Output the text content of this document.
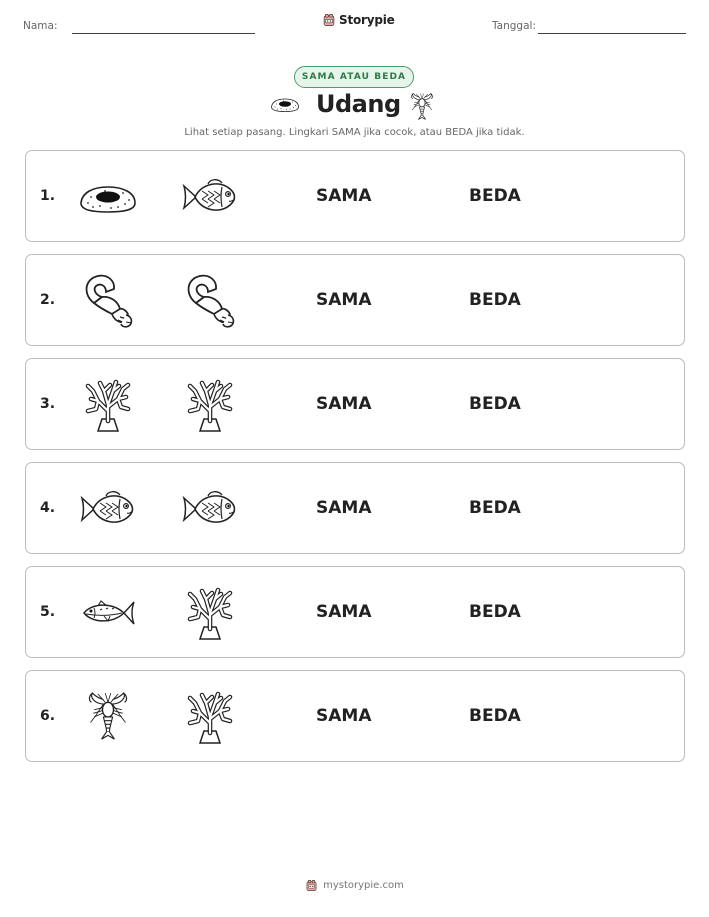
Nama:	Storypie	Tanggal:
SAMA ATAU BEDA
Udang
Lihat setiap pasang. Lingkari SAMA jika cocok, atau BEDA jika tidak.
1.	SAMA	BEDA
2.	SAMA	BEDA
3.	SAMA	BEDA
4.	SAMA	BEDA
5.	SAMA	BEDA
6.	SAMA	BEDA
mystorypie.com
